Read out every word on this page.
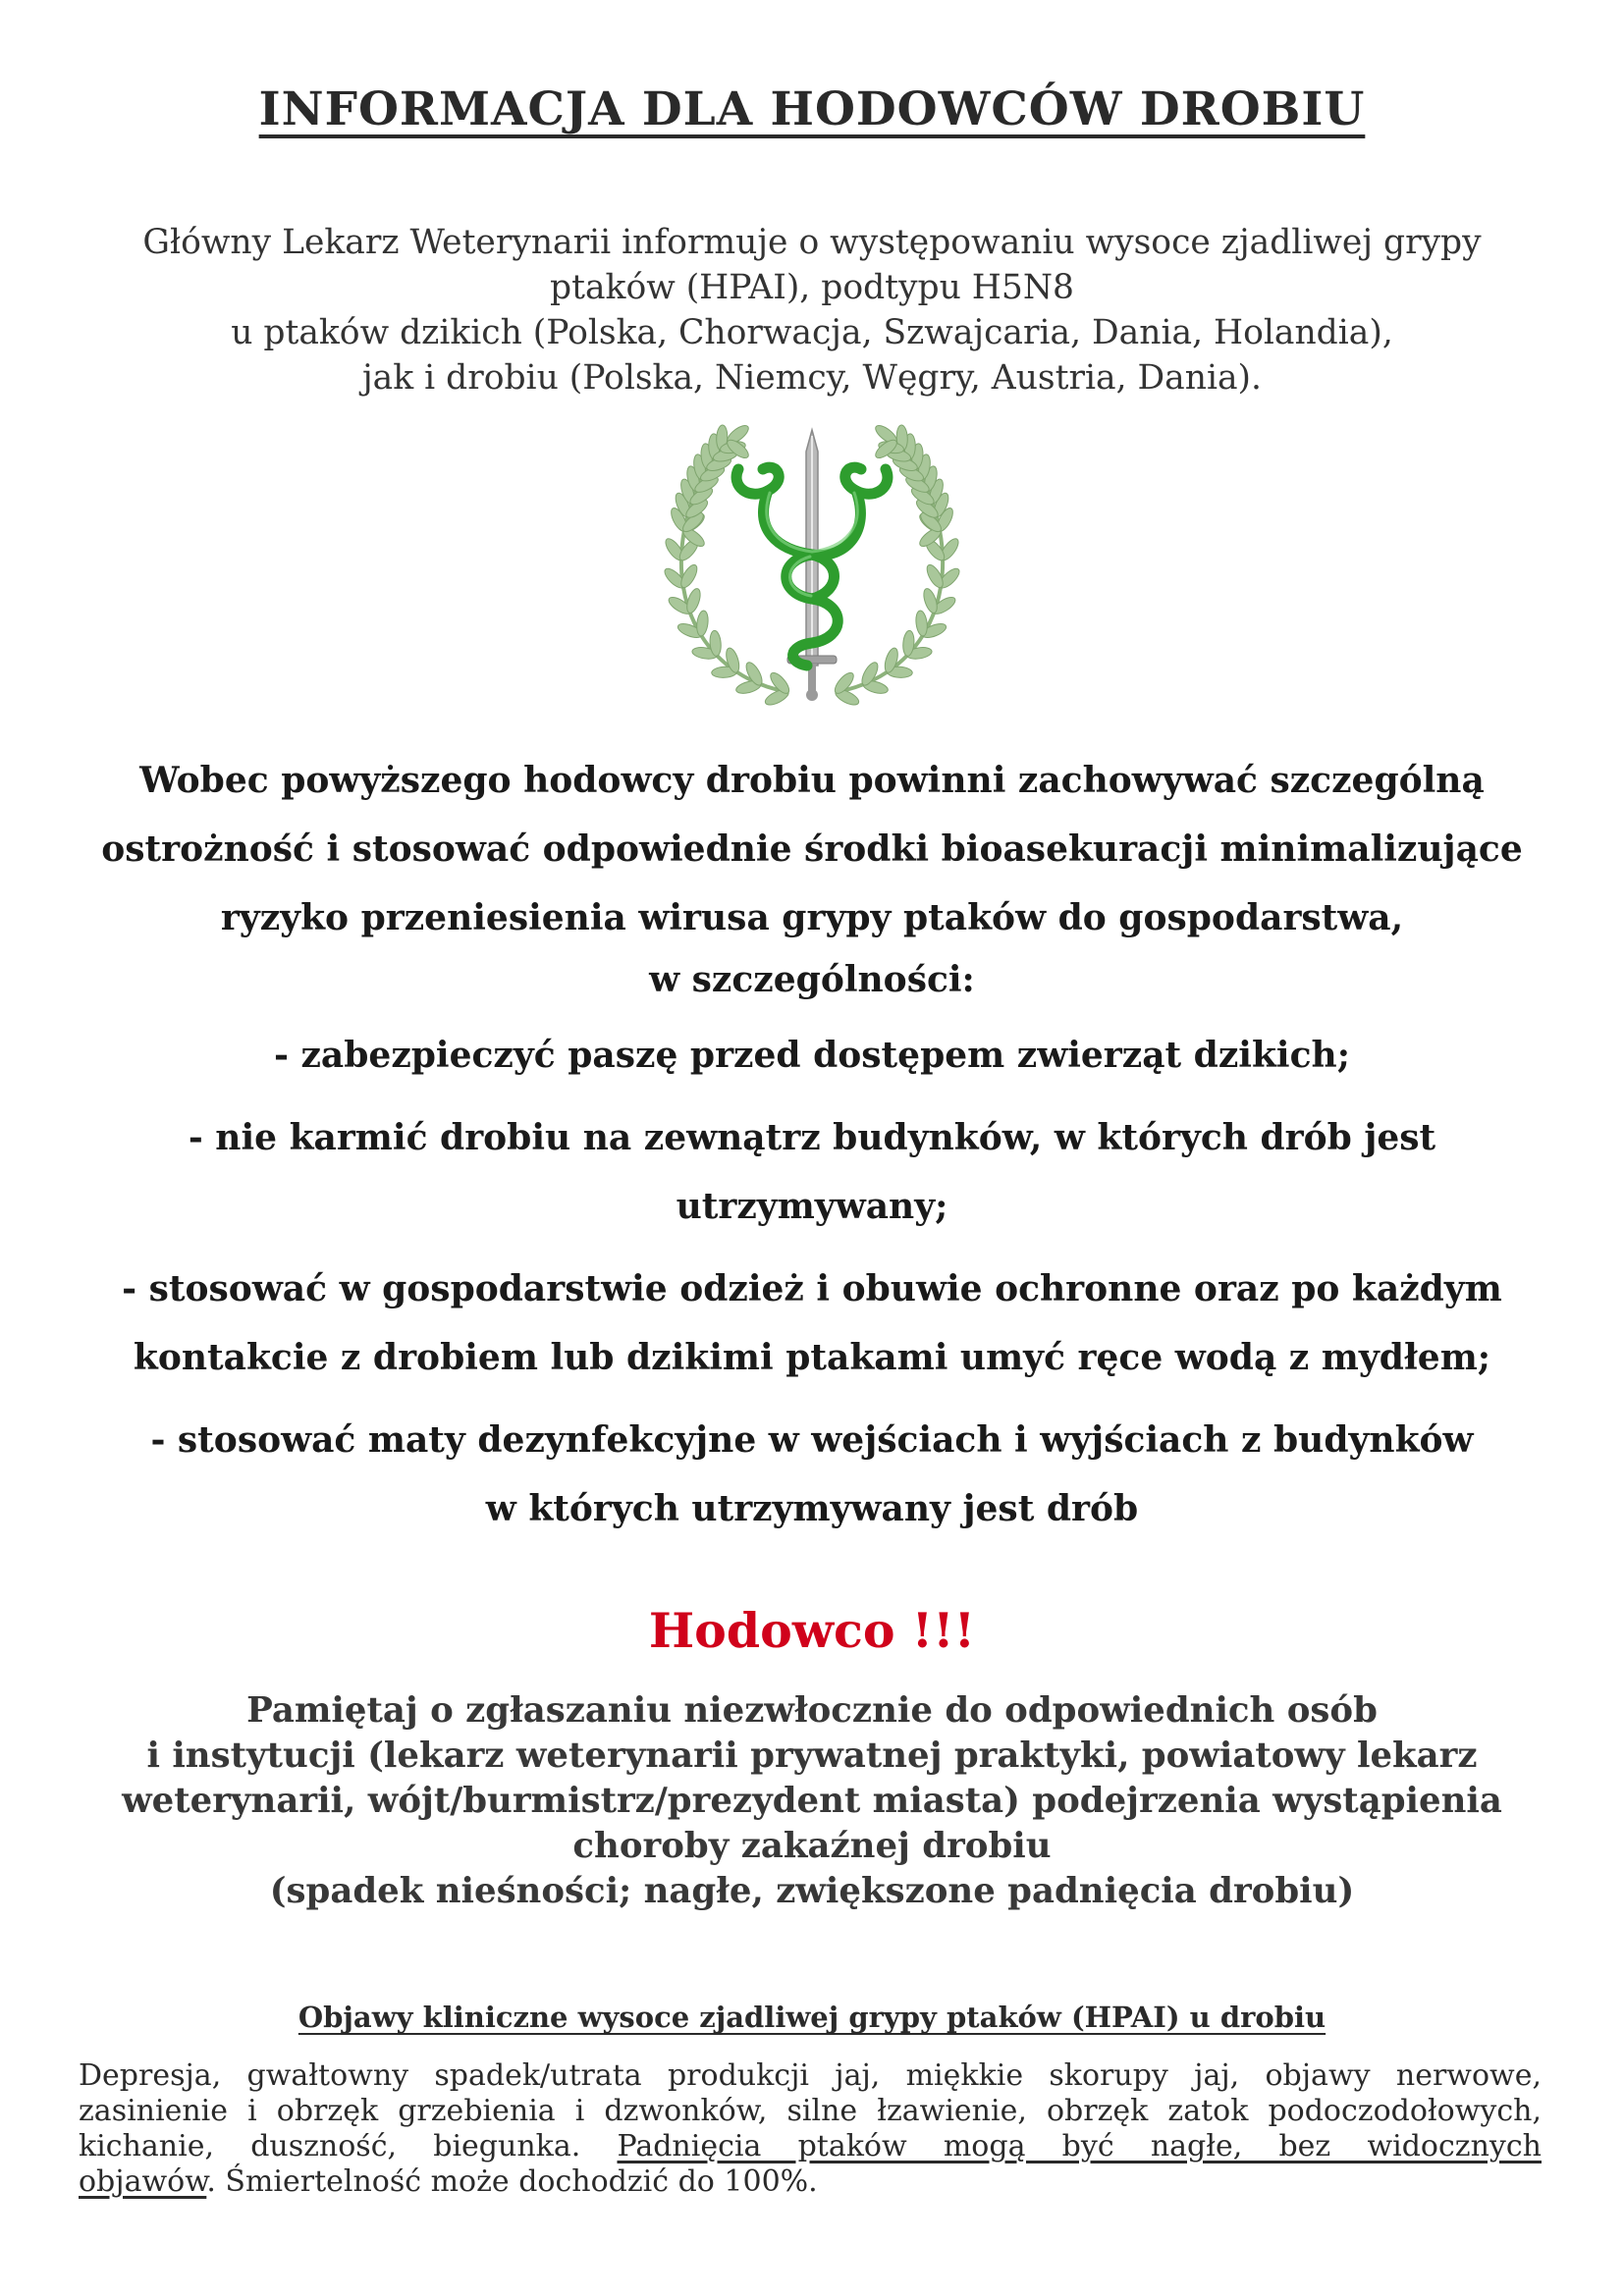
INFORMACJA DLA HODOWCÓW DROBIU
Główny Lekarz Weterynarii informuje o występowaniu wysoce zjadliwej grypy
ptaków (HPAI), podtypu H5N8
u ptaków dzikich (Polska, Chorwacja, Szwajcaria, Dania, Holandia),
jak i drobiu (Polska, Niemcy, Węgry, Austria, Dania).
Wobec powyższego hodowcy drobiu powinni zachowywać szczególną
ostrożność i stosować odpowiednie środki bioasekuracji minimalizujące
ryzyko przeniesienia wirusa grypy ptaków do gospodarstwa,
w szczególności:
- zabezpieczyć paszę przed dostępem zwierząt dzikich;
- nie karmić drobiu na zewnątrz budynków, w których drób jest
utrzymywany;
- stosować w gospodarstwie odzież i obuwie ochronne oraz po każdym
kontakcie z drobiem lub dzikimi ptakami umyć ręce wodą z mydłem;
- stosować maty dezynfekcyjne w wejściach i wyjściach z budynków
w których utrzymywany jest drób
Hodowco !!!
Pamiętaj o zgłaszaniu niezwłocznie do odpowiednich osób
i instytucji (lekarz weterynarii prywatnej praktyki, powiatowy lekarz
weterynarii, wójt/burmistrz/prezydent miasta) podejrzenia wystąpienia
choroby zakaźnej drobiu
(spadek nieśności; nagłe, zwiększone padnięcia drobiu)
Objawy kliniczne wysoce zjadliwej grypy ptaków (HPAI) u drobiu
Depresja, gwałtowny spadek/utrata produkcji jaj, miękkie skorupy jaj, objawy nerwowe,
zasinienie i obrzęk grzebienia i dzwonków, silne łzawienie, obrzęk zatok podoczodołowych,
kichanie, duszność, biegunka. Padnięcia ptaków mogą być nagłe, bez widocznych
objawów. Śmiertelność może dochodzić do 100%.
